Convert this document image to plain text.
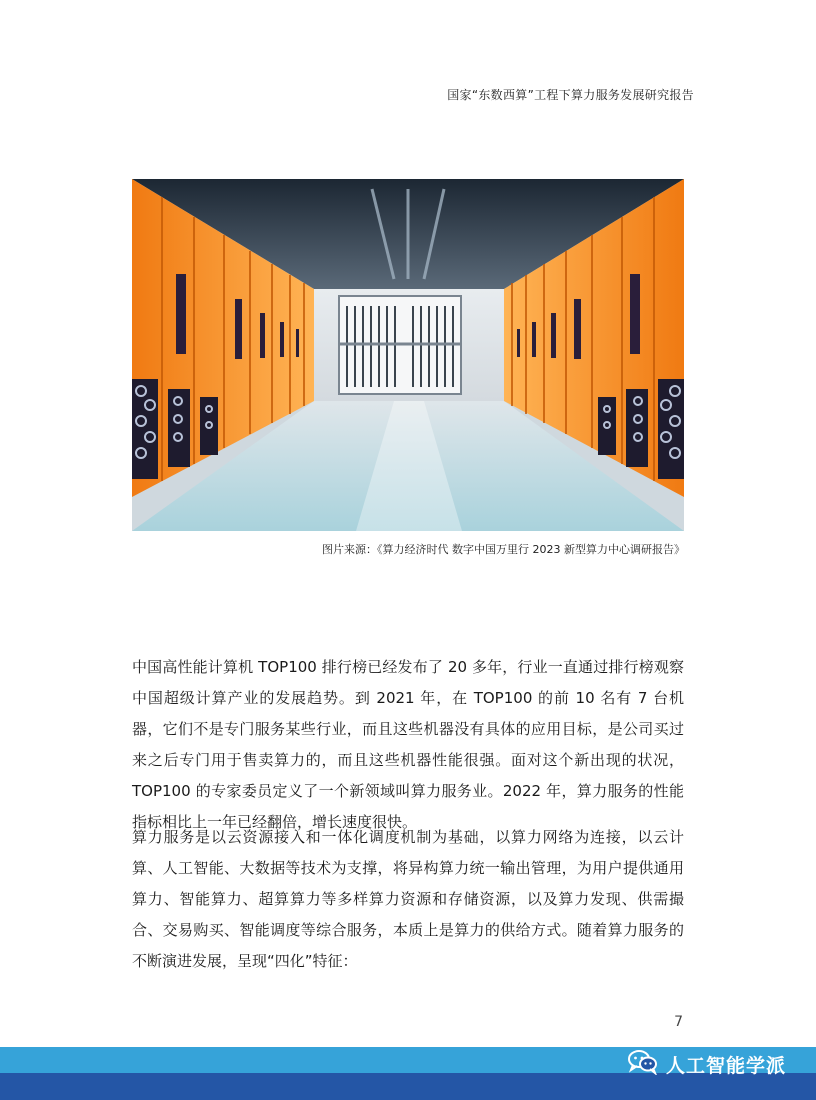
国家“东数西算”工程下算力服务发展研究报告
图片来源：《算力经济时代 数字中国万里行 2023 新型算力中心调研报告》

中国高性能计算机 TOP100 排行榜已经发布了 20 多年，行业一直通过排行榜观察中国超级计算产业的发展趋势。到 2021 年，在 TOP100 的前 10 名有 7 台机器，它们不是专门服务某些行业，而且这些机器没有具体的应用目标，是公司买过来之后专门用于售卖算力的，而且这些机器性能很强。面对这个新出现的状况，TOP100 的专家委员定义了一个新领域叫算力服务业。2022 年，算力服务的性能指标相比上一年已经翻倍，增长速度很快。

算力服务是以云资源接入和一体化调度机制为基础，以算力网络为连接，以云计算、人工智能、大数据等技术为支撑，将异构算力统一输出管理，为用户提供通用算力、智能算力、超算算力等多样算力资源和存储资源，以及算力发现、供需撮合、交易购买、智能调度等综合服务，本质上是算力的供给方式。随着算力服务的不断演进发展，呈现“四化”特征：

7
人工智能学派
